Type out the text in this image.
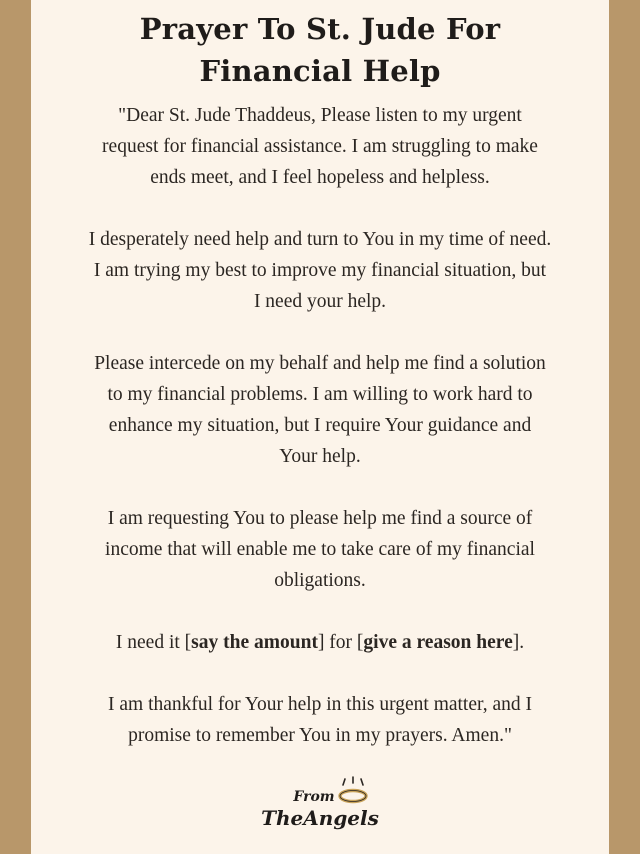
Prayer To St. Jude For
Financial Help

"Dear St. Jude Thaddeus, Please listen to my urgent
request for financial assistance. I am struggling to make
ends meet, and I feel hopeless and helpless.

I desperately need help and turn to You in my time of need.
I am trying my best to improve my financial situation, but
I need your help.

Please intercede on my behalf and help me find a solution
to my financial problems. I am willing to work hard to
enhance my situation, but I require Your guidance and
Your help.

I am requesting You to please help me find a source of
income that will enable me to take care of my financial
obligations.

I need it [say the amount] for [give a reason here].

I am thankful for Your help in this urgent matter, and I
promise to remember You in my prayers. Amen."

From
TheAngels
